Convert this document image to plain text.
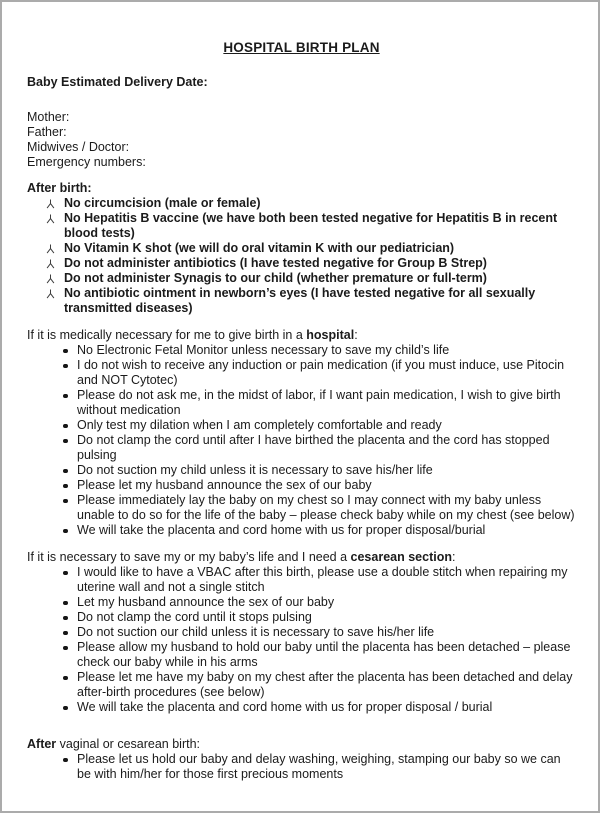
HOSPITAL BIRTH PLAN

Baby Estimated Delivery Date:

Mother:

Father:

Midwives / Doctor:

Emergency numbers:

After birth:

No circumcision (male or female)
No Hepatitis B vaccine (we have both been tested negative for Hepatitis B in recent blood tests)
No Vitamin K shot (we will do oral vitamin K with our pediatrician)
Do not administer antibiotics (I have tested negative for Group B Strep)
Do not administer Synagis to our child (whether premature or full-term)
No antibiotic ointment in newborn’s eyes (I have tested negative for all sexually transmitted diseases)

If it is medically necessary for me to give birth in a hospital:

No Electronic Fetal Monitor unless necessary to save my child’s life
I do not wish to receive any induction or pain medication (if you must induce, use Pitocin and NOT Cytotec)
Please do not ask me, in the midst of labor, if I want pain medication, I wish to give birth without medication
Only test my dilation when I am completely comfortable and ready
Do not clamp the cord until after I have birthed the placenta and the cord has stopped pulsing
Do not suction my child unless it is necessary to save his/her life
Please let my husband announce the sex of our baby
Please immediately lay the baby on my chest so I may connect with my baby unless unable to do so for the life of the baby – please check baby while on my chest (see below)
We will take the placenta and cord home with us for proper disposal/burial

If it is necessary to save my or my baby’s life and I need a cesarean section:

I would like to have a VBAC after this birth, please use a double stitch when repairing my uterine wall and not a single stitch
Let my husband announce the sex of our baby
Do not clamp the cord until it stops pulsing
Do not suction our child unless it is necessary to save his/her life
Please allow my husband to hold our baby until the placenta has been detached – please check our baby while in his arms
Please let me have my baby on my chest after the placenta has been detached and delay after-birth procedures (see below)
We will take the placenta and cord home with us for proper disposal / burial

After vaginal or cesarean birth:

Please let us hold our baby and delay washing, weighing, stamping our baby so we can be with him/her for those first precious moments
